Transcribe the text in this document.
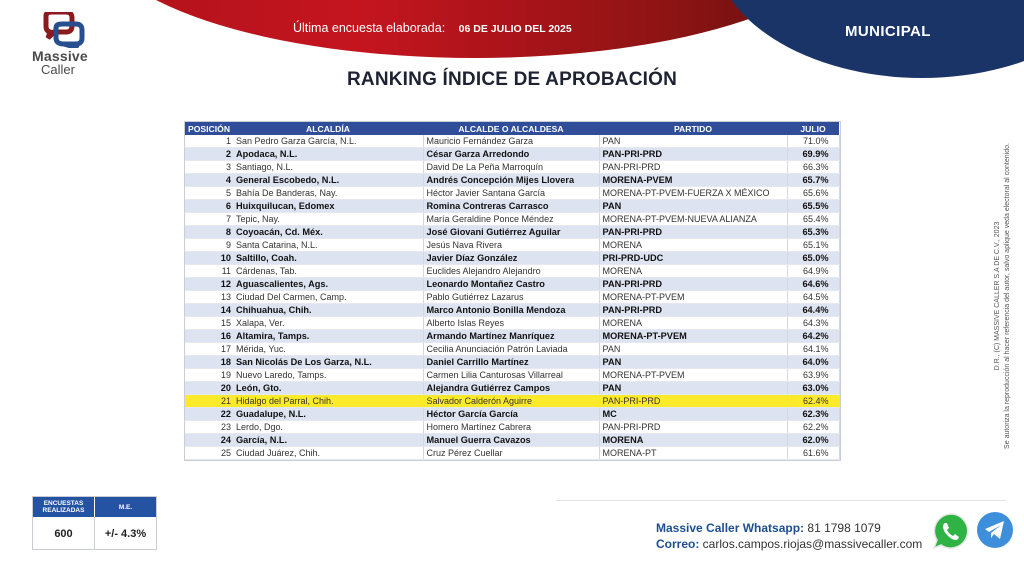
Massive
Caller
Última encuesta elaborada: 06 DE JULIO DEL 2025	MUNICIPAL
RANKING ÍNDICE DE APROBACIÓN
POSICIÓN	ALCALDÍA	ALCALDE O ALCALDESA	PARTIDO	JULIO
1	San Pedro Garza García, N.L.	Mauricio Fernández Garza	PAN	71.0%
2	Apodaca, N.L.	César Garza Arredondo	PAN-PRI-PRD	69.9%
3	Santiago, N.L.	David De La Peña Marroquín	PAN-PRI-PRD	66.3%
4	General Escobedo, N.L.	Andrés Concepción Mijes Llovera	MORENA-PVEM	65.7%
5	Bahía De Banderas, Nay.	Héctor Javier Santana García	MORENA-PT-PVEM-FUERZA X MÉXICO	65.6%
6	Huixquilucan, Edomex	Romina Contreras Carrasco	PAN	65.5%
7	Tepic, Nay.	María Geraldine Ponce Méndez	MORENA-PT-PVEM-NUEVA ALIANZA	65.4%
8	Coyoacán, Cd. Méx.	José Giovani Gutiérrez Aguilar	PAN-PRI-PRD	65.3%
9	Santa Catarina, N.L.	Jesús Nava Rivera	MORENA	65.1%
10	Saltillo, Coah.	Javier Díaz González	PRI-PRD-UDC	65.0%
11	Cárdenas, Tab.	Euclides Alejandro Alejandro	MORENA	64.9%
12	Aguascalientes, Ags.	Leonardo Montañez Castro	PAN-PRI-PRD	64.6%
13	Ciudad Del Carmen, Camp.	Pablo Gutiérrez Lazarus	MORENA-PT-PVEM	64.5%
14	Chihuahua, Chih.	Marco Antonio Bonilla Mendoza	PAN-PRI-PRD	64.4%
15	Xalapa, Ver.	Alberto Islas Reyes	MORENA	64.3%
16	Altamira, Tamps.	Armando Martínez Manríquez	MORENA-PT-PVEM	64.2%
17	Mérida, Yuc.	Cecilia Anunciación Patrón Laviada	PAN	64.1%
18	San Nicolás De Los Garza, N.L.	Daniel Carrillo Martínez	PAN	64.0%
19	Nuevo Laredo, Tamps.	Carmen Lilia Canturosas Villarreal	MORENA-PT-PVEM	63.9%
20	León, Gto.	Alejandra Gutiérrez Campos	PAN	63.0%
21	Hidalgo del Parral, Chih.	Salvador Calderón Aguirre	PAN-PRI-PRD	62.4%
22	Guadalupe, N.L.	Héctor García García	MC	62.3%
23	Lerdo, Dgo.	Homero Martínez Cabrera	PAN-PRI-PRD	62.2%
24	García, N.L.	Manuel Guerra Cavazos	MORENA	62.0%
25	Ciudad Juárez, Chih.	Cruz Pérez Cuellar	MORENA-PT	61.6%
ENCUESTAS REALIZADAS	M.E.
600	+/- 4.3%	Massive Caller Whatsapp: 81 1798 1079
Correo: carlos.campos.riojas@massivecaller.com
D.R., (C) MASSIVE CALLER S.A DE C.V., 2023 Se autoriza la reproducción al hacer referencia del autor, salvo aplique veda electoral al contenido.
